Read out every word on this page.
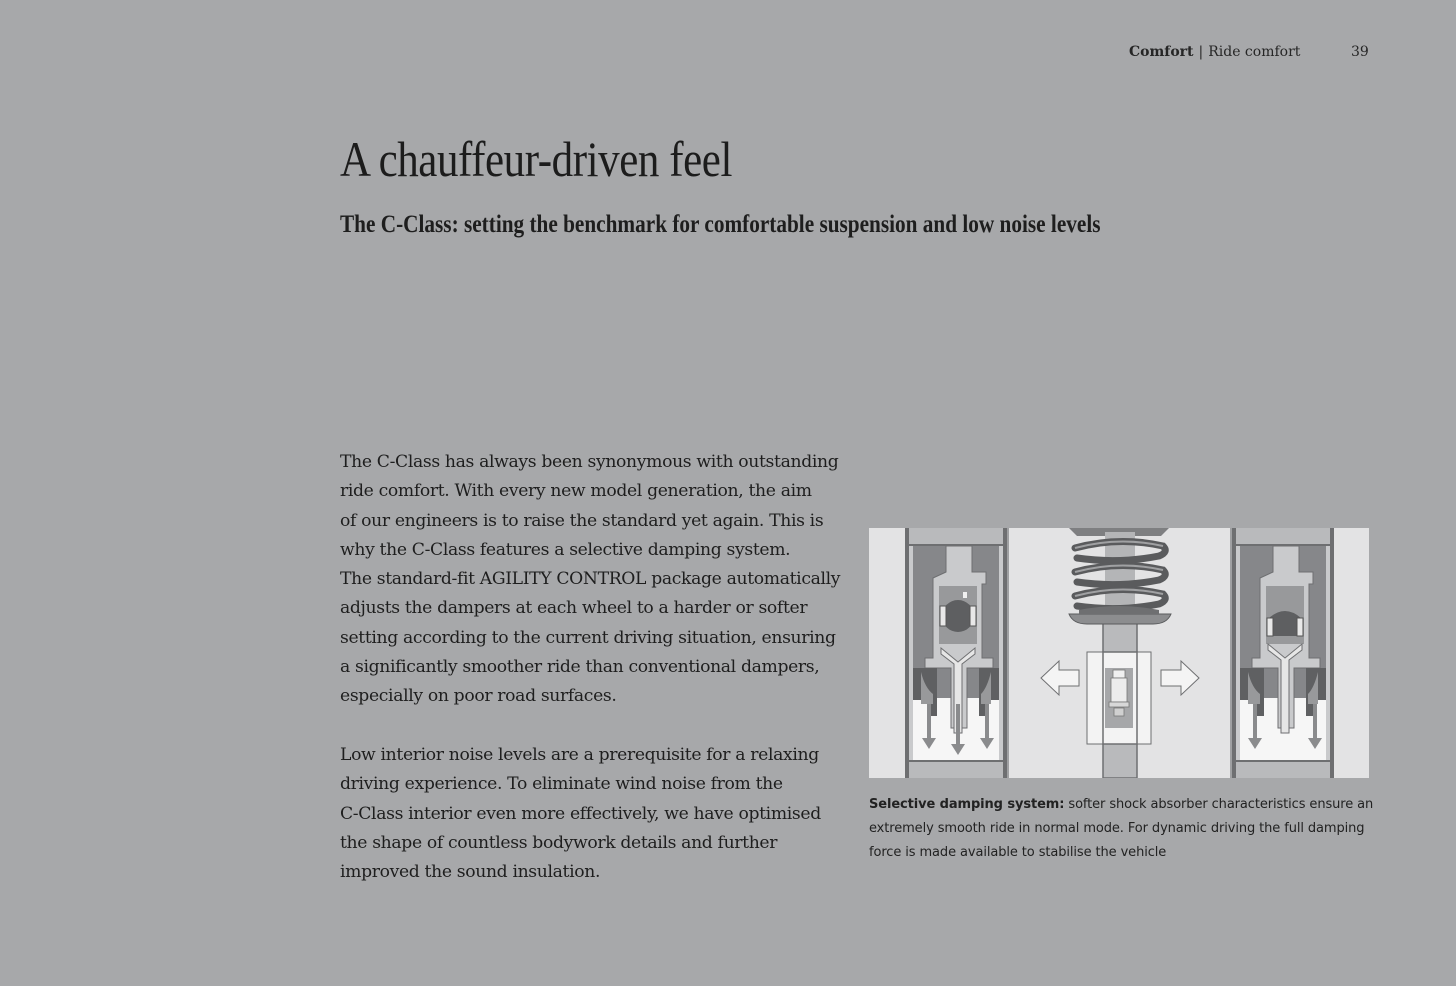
Comfort | Ride comfort	39
A chauffeur-driven feel
The C-Class: setting the benchmark for comfortable suspension and low noise levels

The C-Class has always been synonymous with outstanding
ride comfort. With every new model generation, the aim
of our engineers is to raise the standard yet again. This is
why the C-Class features a selective damping system.
The standard-fit AGILITY CONTROL package automatically
adjusts the dampers at each wheel to a harder or softer
setting according to the current driving situation, ensuring
a significantly smoother ride than conventional dampers,
especially on poor road surfaces.

Low interior noise levels are a prerequisite for a relaxing
driving experience. To eliminate wind noise from the
C-Class interior even more effectively, we have optimised
the shape of countless bodywork details and further
improved the sound insulation.

Selective damping system: softer shock absorber characteristics ensure an
extremely smooth ride in normal mode. For dynamic driving the full damping
force is made available to stabilise the vehicle
